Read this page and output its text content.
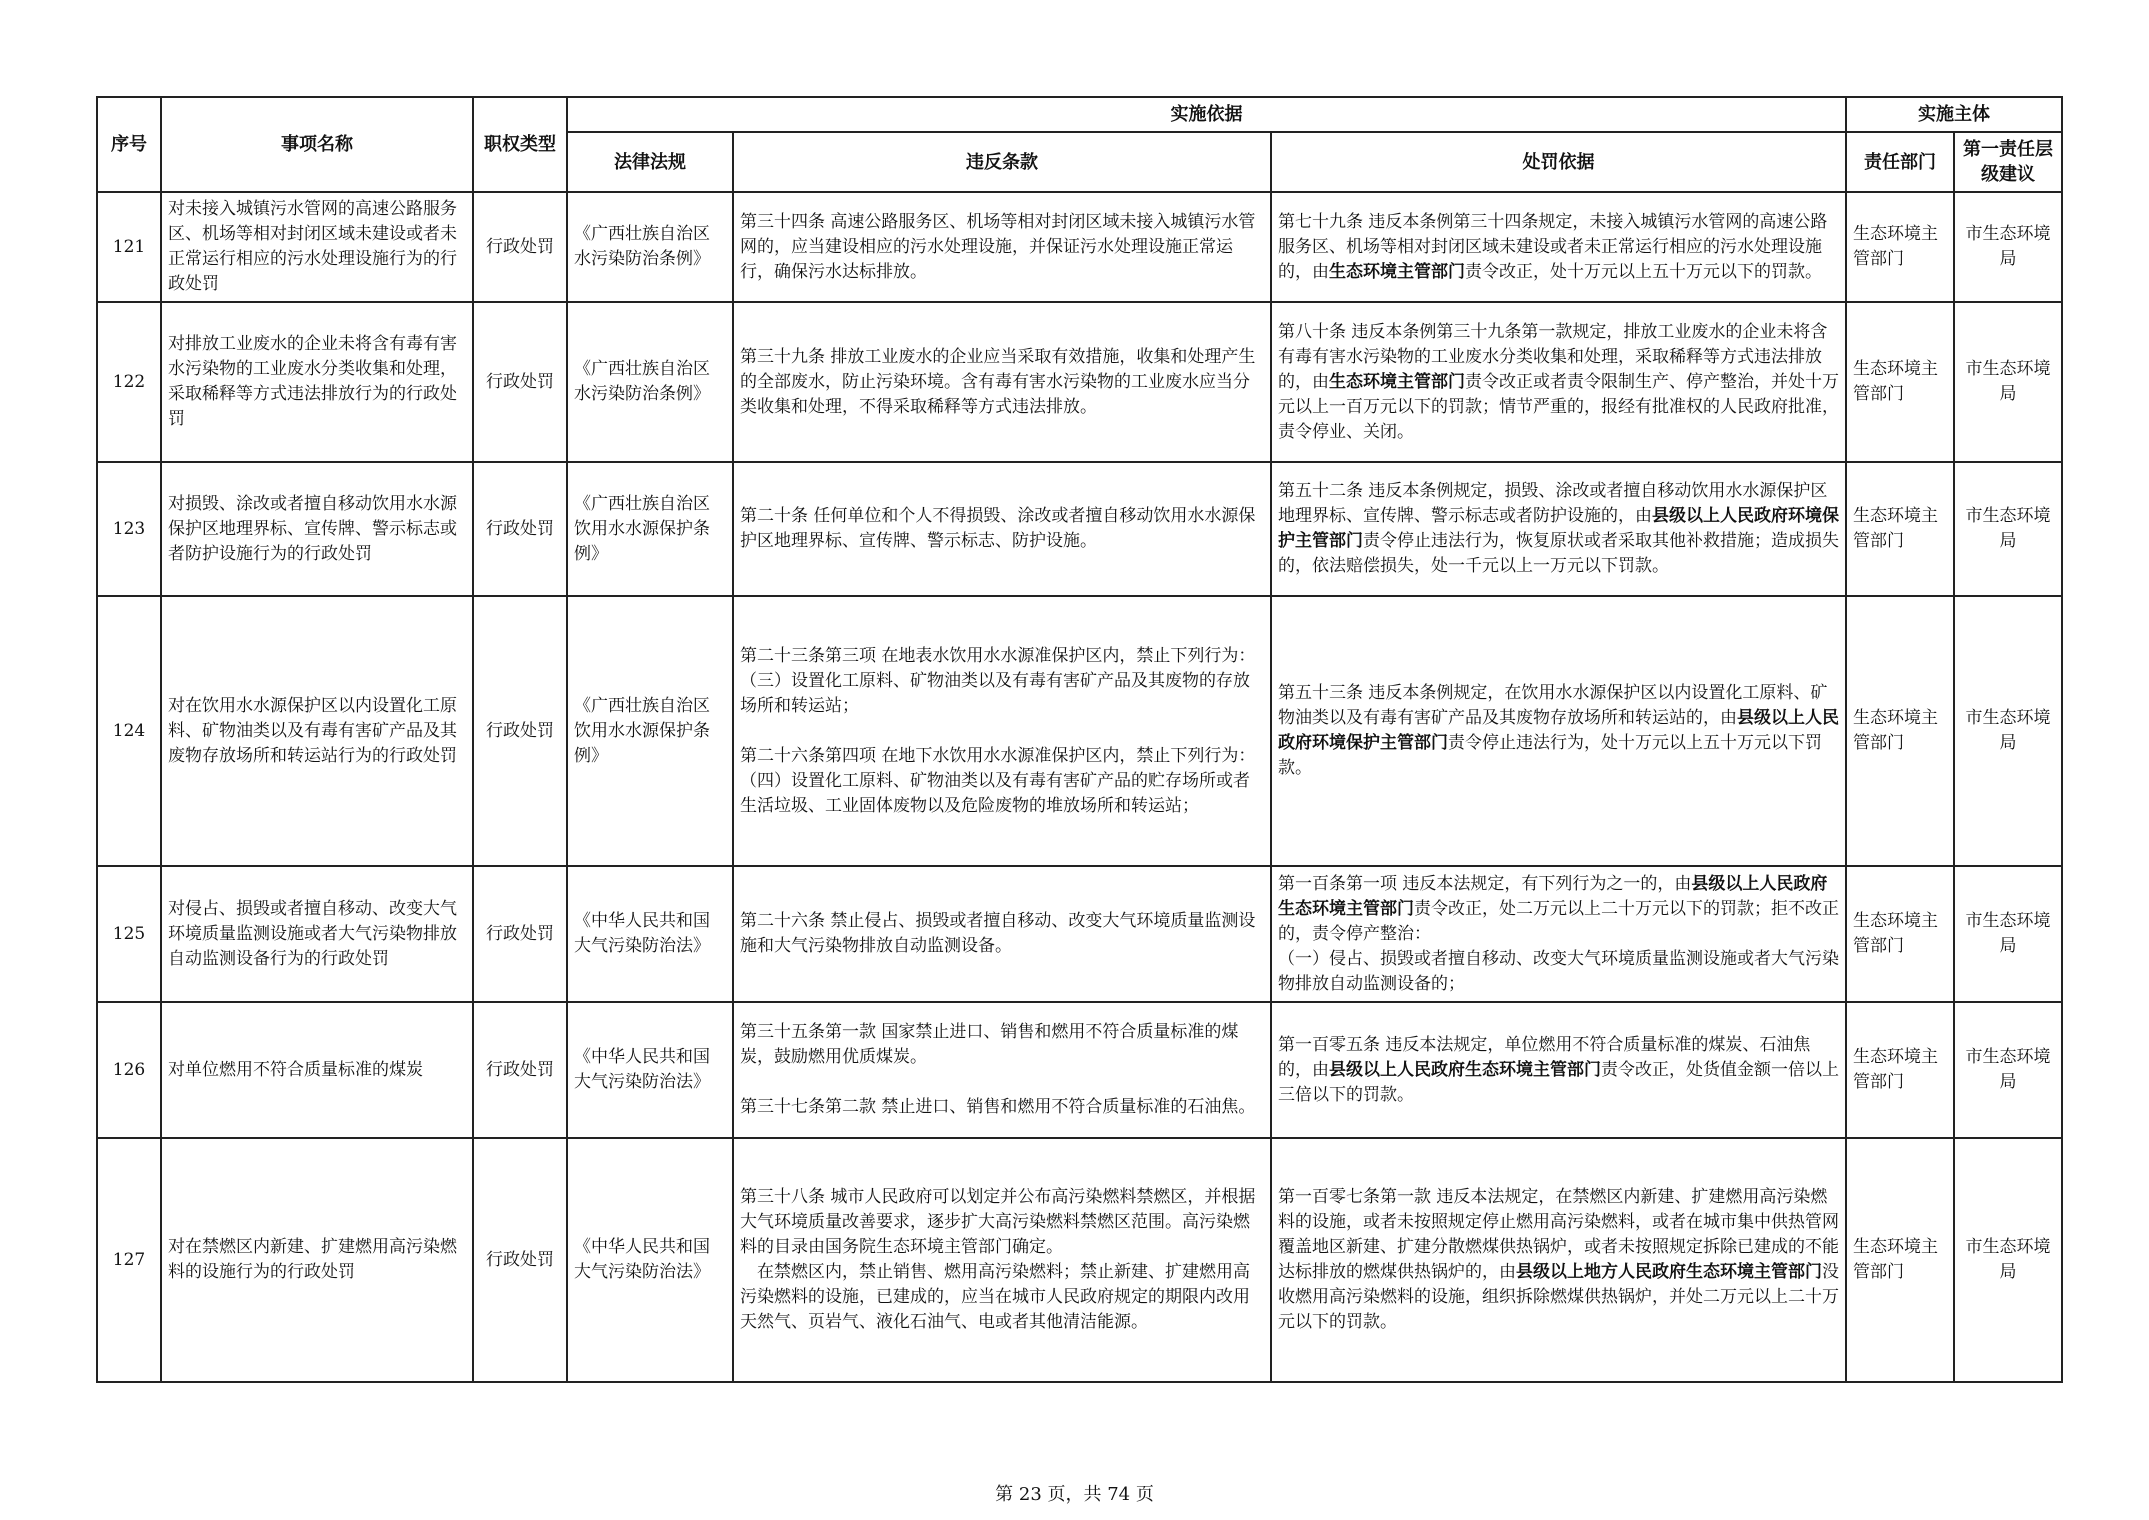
序号	事项名称	职权类型	实施依据			实施主体	
			法律法规	违反条款	处罚依据	责任部门	第一责任层级建议
121	对未接入城镇污水管网的高速公路服务区、机场等相对封闭区域未建设或者未正常运行相应的污水处理设施行为的行政处罚	行政处罚	《广西壮族自治区水污染防治条例》	第三十四条 高速公路服务区、机场等相对封闭区域未接入城镇污水管网的，应当建设相应的污水处理设施，并保证污水处理设施正常运行，确保污水达标排放。	第七十九条 违反本条例第三十四条规定，未接入城镇污水管网的高速公路服务区、机场等相对封闭区域未建设或者未正常运行相应的污水处理设施的，由生态环境主管部门责令改正，处十万元以上五十万元以下的罚款。	生态环境主管部门	市生态环境局
122	对排放工业废水的企业未将含有毒有害水污染物的工业废水分类收集和处理，采取稀释等方式违法排放行为的行政处罚	行政处罚	《广西壮族自治区水污染防治条例》	第三十九条 排放工业废水的企业应当采取有效措施，收集和处理产生的全部废水，防止污染环境。含有毒有害水污染物的工业废水应当分类收集和处理，不得采取稀释等方式违法排放。	第八十条 违反本条例第三十九条第一款规定，排放工业废水的企业未将含有毒有害水污染物的工业废水分类收集和处理，采取稀释等方式违法排放的，由生态环境主管部门责令改正或者责令限制生产、停产整治，并处十万元以上一百万元以下的罚款；情节严重的，报经有批准权的人民政府批准，责令停业、关闭。	生态环境主管部门	市生态环境局
123	对损毁、涂改或者擅自移动饮用水水源保护区地理界标、宣传牌、警示标志或者防护设施行为的行政处罚	行政处罚	《广西壮族自治区饮用水水源保护条例》	第二十条 任何单位和个人不得损毁、涂改或者擅自移动饮用水水源保护区地理界标、宣传牌、警示标志、防护设施。	第五十二条 违反本条例规定，损毁、涂改或者擅自移动饮用水水源保护区地理界标、宣传牌、警示标志或者防护设施的，由县级以上人民政府环境保护主管部门责令停止违法行为，恢复原状或者采取其他补救措施；造成损失的，依法赔偿损失，处一千元以上一万元以下罚款。	生态环境主管部门	市生态环境局
124	对在饮用水水源保护区以内设置化工原料、矿物油类以及有毒有害矿产品及其废物存放场所和转运站行为的行政处罚	行政处罚	《广西壮族自治区饮用水水源保护条例》	第二十三条第三项 在地表水饮用水水源准保护区内，禁止下列行为：
（三）设置化工原料、矿物油类以及有毒有害矿产品及其废物的存放场所和转运站；

第二十六条第四项 在地下水饮用水水源准保护区内，禁止下列行为：
（四）设置化工原料、矿物油类以及有毒有害矿产品的贮存场所或者生活垃圾、工业固体废物以及危险废物的堆放场所和转运站；	第五十三条 违反本条例规定，在饮用水水源保护区以内设置化工原料、矿物油类以及有毒有害矿产品及其废物存放场所和转运站的，由县级以上人民政府环境保护主管部门责令停止违法行为，处十万元以上五十万元以下罚款。	生态环境主管部门	市生态环境局
125	对侵占、损毁或者擅自移动、改变大气环境质量监测设施或者大气污染物排放自动监测设备行为的行政处罚	行政处罚	《中华人民共和国大气污染防治法》	第二十六条 禁止侵占、损毁或者擅自移动、改变大气环境质量监测设施和大气污染物排放自动监测设备。	第一百条第一项 违反本法规定，有下列行为之一的，由县级以上人民政府生态环境主管部门责令改正，处二万元以上二十万元以下的罚款；拒不改正的，责令停产整治：
（一）侵占、损毁或者擅自移动、改变大气环境质量监测设施或者大气污染物排放自动监测设备的；	生态环境主管部门	市生态环境局
126	对单位燃用不符合质量标准的煤炭	行政处罚	《中华人民共和国大气污染防治法》	第三十五条第一款 国家禁止进口、销售和燃用不符合质量标准的煤炭，鼓励燃用优质煤炭。

第三十七条第二款 禁止进口、销售和燃用不符合质量标准的石油焦。	第一百零五条 违反本法规定，单位燃用不符合质量标准的煤炭、石油焦的，由县级以上人民政府生态环境主管部门责令改正，处货值金额一倍以上三倍以下的罚款。	生态环境主管部门	市生态环境局
127	对在禁燃区内新建、扩建燃用高污染燃料的设施行为的行政处罚	行政处罚	《中华人民共和国大气污染防治法》	第三十八条 城市人民政府可以划定并公布高污染燃料禁燃区，并根据大气环境质量改善要求，逐步扩大高污染燃料禁燃区范围。高污染燃料的目录由国务院生态环境主管部门确定。
　在禁燃区内，禁止销售、燃用高污染燃料；禁止新建、扩建燃用高污染燃料的设施，已建成的，应当在城市人民政府规定的期限内改用天然气、页岩气、液化石油气、电或者其他清洁能源。	第一百零七条第一款 违反本法规定，在禁燃区内新建、扩建燃用高污染燃料的设施，或者未按照规定停止燃用高污染燃料，或者在城市集中供热管网覆盖地区新建、扩建分散燃煤供热锅炉，或者未按照规定拆除已建成的不能达标排放的燃煤供热锅炉的，由县级以上地方人民政府生态环境主管部门没收燃用高污染燃料的设施，组织拆除燃煤供热锅炉，并处二万元以上二十万元以下的罚款。	生态环境主管部门	市生态环境局
第 23 页，共 74 页
